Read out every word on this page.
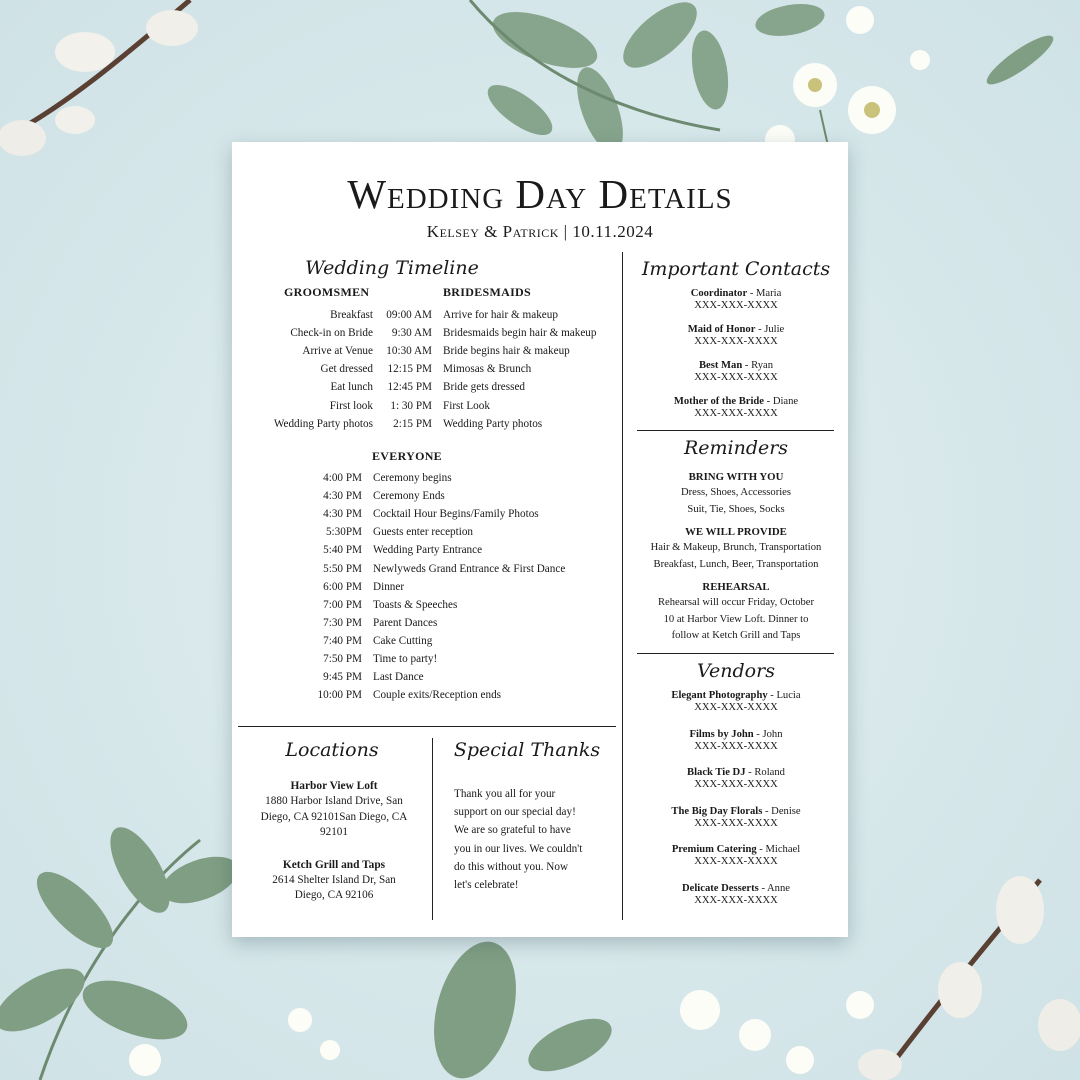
Wedding Day Details
Kelsey & Patrick | 10.11.2024
Wedding Timeline
GROOMSMEN	BRIDESMAIDS
Breakfast	09:00 AM Arrive for hair & makeup
Check-in on Bride	9:30 AM Bridesmaids begin hair & makeup
Arrive at Venue	10:30 AM Bride begins hair & makeup
Get dressed	12:15 PM Mimosas & Brunch
Eat lunch	12:45 PM Bride gets dressed
First look	1: 30 PM First Look
Wedding Party photos	2:15 PM Wedding Party photos
EVERYONE
4:00 PM Ceremony begins
4:30 PM Ceremony Ends
4:30 PM Cocktail Hour Begins/Family Photos
5:30PM Guests enter reception
5:40 PM Wedding Party Entrance
5:50 PM Newlyweds Grand Entrance & First Dance
6:00 PM Dinner
7:00 PM Toasts & Speeches
7:30 PM Parent Dances
7:40 PM Cake Cutting
7:50 PM Time to party!
9:45 PM Last Dance
10:00 PM Couple exits/Reception ends
Locations
Harbor View Loft
1880 Harbor Island Drive, San
Diego, CA 92101San Diego, CA
92101
Ketch Grill and Taps
2614 Shelter Island Dr, San
Diego, CA 92106
Special Thanks
Thank you all for your
support on our special day!
We are so grateful to have
you in our lives. We couldn't
do this without you. Now
let's celebrate!
Important Contacts
Coordinator - Maria
XXX-XXX-XXXX
Maid of Honor - Julie
XXX-XXX-XXXX
Best Man - Ryan
XXX-XXX-XXXX
Mother of the Bride - Diane
XXX-XXX-XXXX
Reminders
BRING WITH YOU
Dress, Shoes, Accessories
Suit, Tie, Shoes, Socks
WE WILL PROVIDE
Hair & Makeup, Brunch, Transportation
Breakfast, Lunch, Beer, Transportation
REHEARSAL
Rehearsal will occur Friday, October
10 at Harbor View Loft. Dinner to
follow at Ketch Grill and Taps
Vendors
Elegant Photography - Lucia
XXX-XXX-XXXX
Films by John - John
XXX-XXX-XXXX
Black Tie DJ - Roland
XXX-XXX-XXXX
The Big Day Florals - Denise
XXX-XXX-XXXX
Premium Catering - Michael
XXX-XXX-XXXX
Delicate Desserts - Anne
XXX-XXX-XXXX
